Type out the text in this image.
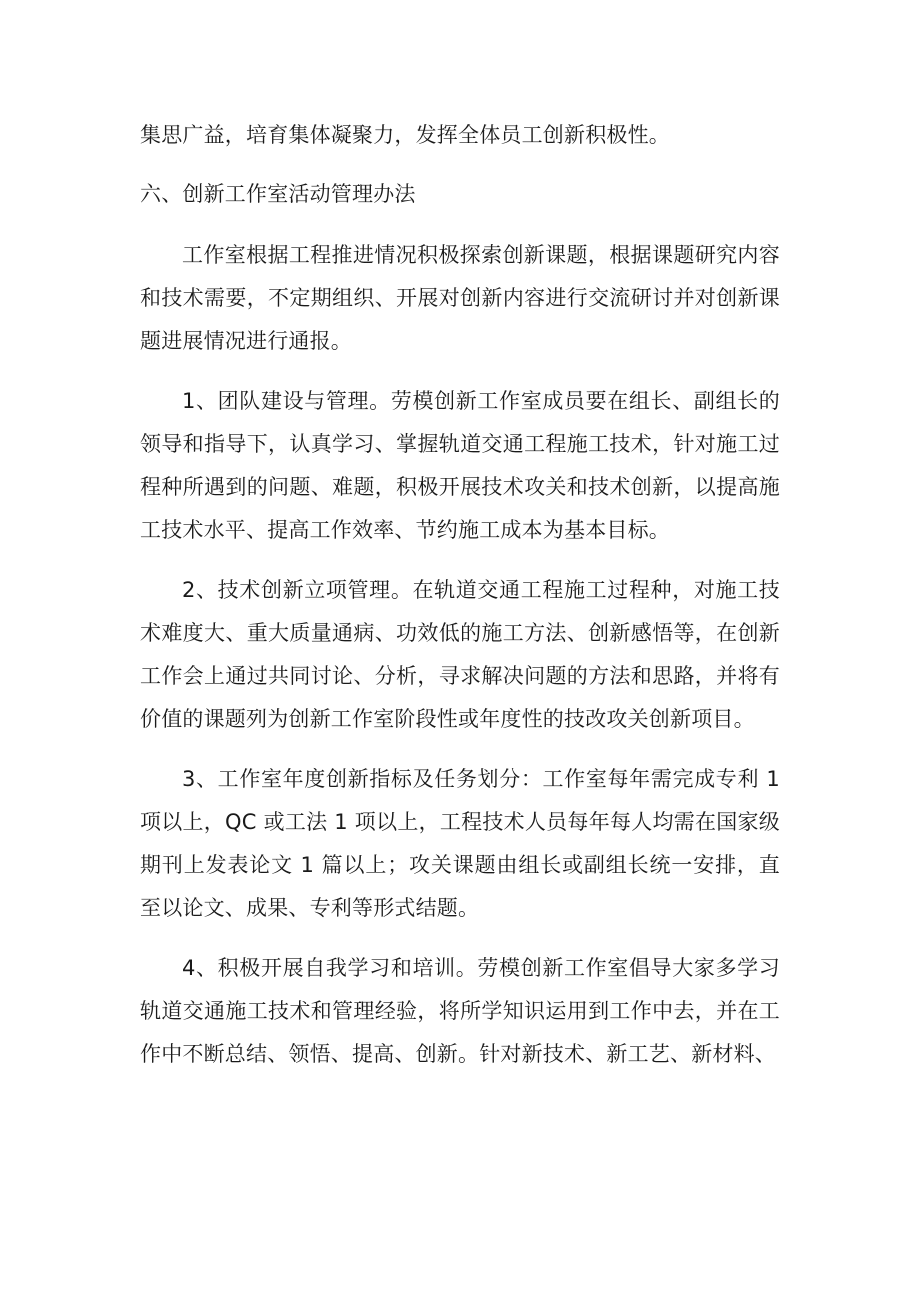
集思广益，培育集体凝聚力，发挥全体员工创新积极性。

六、创新工作室活动管理办法

工作室根据工程推进情况积极探索创新课题，根据课题研究内容和技术需要，不定期组织、开展对创新内容进行交流研讨并对创新课题进展情况进行通报。

1、团队建设与管理。劳模创新工作室成员要在组长、副组长的领导和指导下，认真学习、掌握轨道交通工程施工技术，针对施工过程种所遇到的问题、难题，积极开展技术攻关和技术创新，以提高施工技术水平、提高工作效率、节约施工成本为基本目标。

2、技术创新立项管理。在轨道交通工程施工过程种，对施工技术难度大、重大质量通病、功效低的施工方法、创新感悟等，在创新工作会上通过共同讨论、分析，寻求解决问题的方法和思路，并将有价值的课题列为创新工作室阶段性或年度性的技改攻关创新项目。

3、工作室年度创新指标及任务划分：工作室每年需完成专利 1 项以上，QC 或工法 1 项以上，工程技术人员每年每人均需在国家级期刊上发表论文 1 篇以上；攻关课题由组长或副组长统一安排，直至以论文、成果、专利等形式结题。

4、积极开展自我学习和培训。劳模创新工作室倡导大家多学习轨道交通施工技术和管理经验，将所学知识运用到工作中去，并在工作中不断总结、领悟、提高、创新。针对新技术、新工艺、新材料、
